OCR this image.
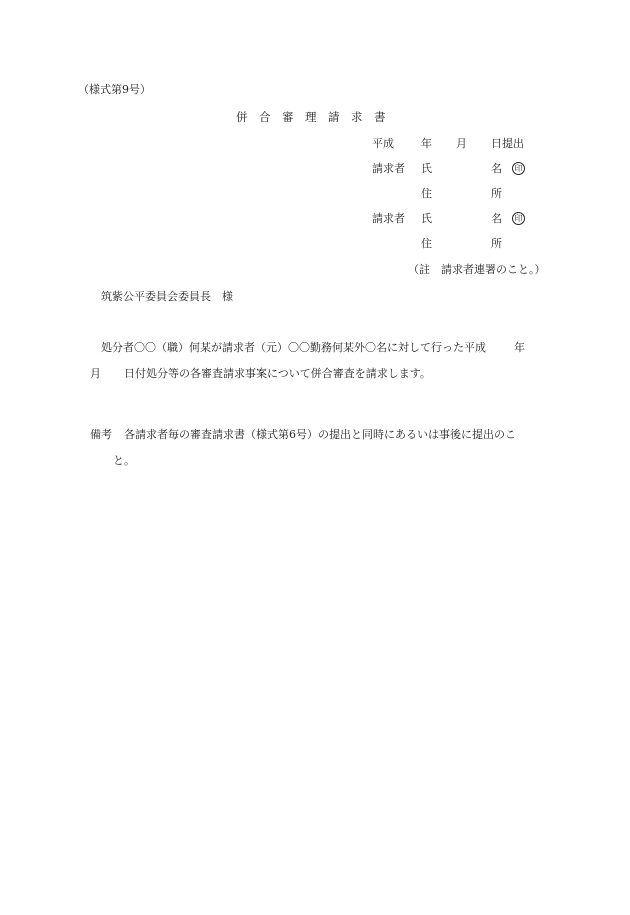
（様式第9号）
併　合　審　理　請　求　書
平成 年 月 日提出
請求者 氏	名	印
住	所
請求者 氏	名	印
住	所
（註　請求者連署のこと。）
筑紫公平委員会委員長　様
処分者〇〇（職）何某が請求者（元）〇〇勤務何某外〇名に対して行った平成	年
月 日付処分等の各審査請求事案について併合審査を請求します。
備考 各請求者毎の審査請求書（様式第6号）の提出と同時にあるいは事後に提出のこ
と。
